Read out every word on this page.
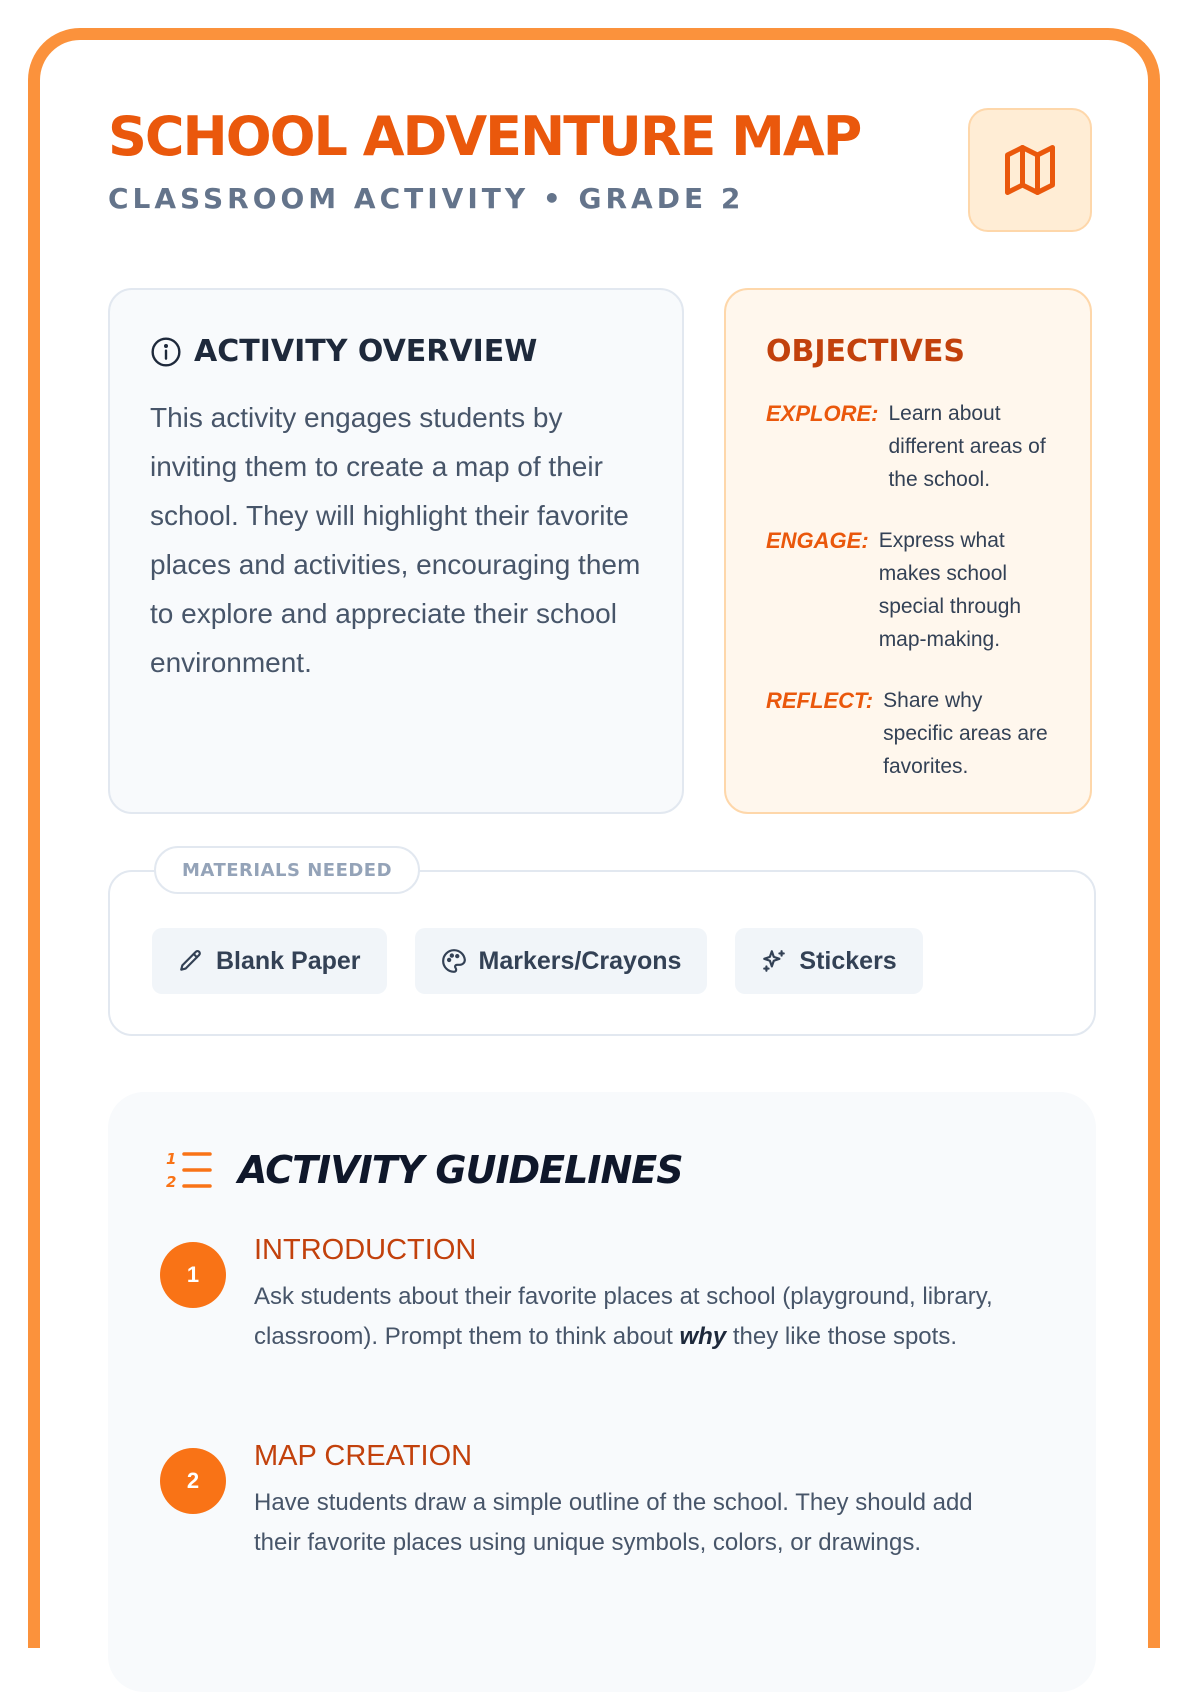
SCHOOL ADVENTURE MAP
CLASSROOM ACTIVITY • GRADE 2
ACTIVITY OVERVIEW

This activity engages students by inviting them to create a map of their school. They will highlight their favorite places and activities, encouraging them to explore and appreciate their school environment.

OBJECTIVES
EXPLORE: Learn about different areas of the school.
ENGAGE: Express what makes school special through map-making.
REFLECT: Share why specific areas are favorites.
MATERIALS NEEDED
Blank Paper	Markers/Crayons	Stickers
1
2 ACTIVITY GUIDELINES
1
INTRODUCTION
Ask students about their favorite places at school (playground, library, classroom). Prompt them to think about why they like those spots.
2
MAP CREATION
Have students draw a simple outline of the school. They should add their favorite places using unique symbols, colors, or drawings.
